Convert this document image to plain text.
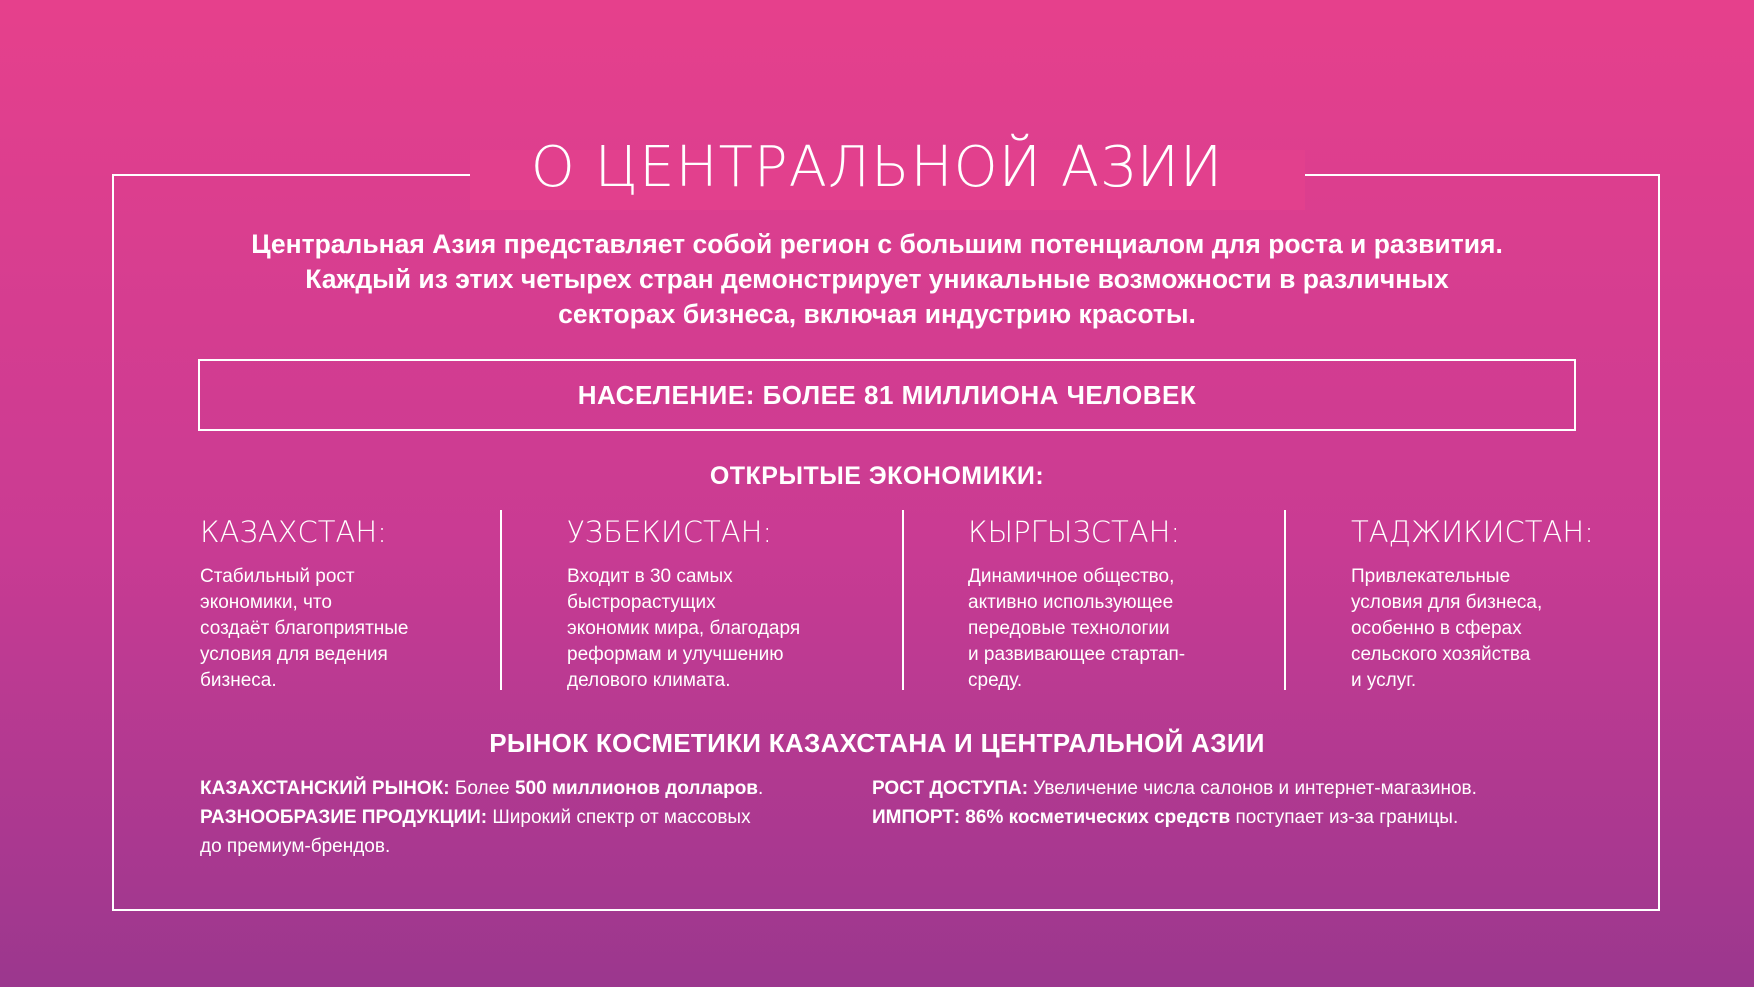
О ЦЕНТРАЛЬНОЙ АЗИИ
Центральная Азия представляет собой регион с большим потенциалом для роста и развития.
Каждый из этих четырех стран демонстрирует уникальные возможности в различных
секторах бизнеса, включая индустрию красоты.
НАСЕЛЕНИЕ: БОЛЕЕ 81 МИЛЛИОНА ЧЕЛОВЕК
ОТКРЫТЫЕ ЭКОНОМИКИ:
КАЗАХСТАН:
Стабильный рост
экономики, что
создаёт благоприятные
условия для ведения
бизнеса.
УЗБЕКИСТАН:
Входит в 30 самых
быстрорастущих
экономик мира, благодаря
реформам и улучшению
делового климата.
КЫРГЫЗСТАН:
Динамичное общество,
активно использующее
передовые технологии
и развивающее стартап-
среду.
ТАДЖИКИСТАН:
Привлекательные
условия для бизнеса,
особенно в сферах
сельского хозяйства
и услуг.
РЫНОК КОСМЕТИКИ КАЗАХСТАНА И ЦЕНТРАЛЬНОЙ АЗИИ
КАЗАХСТАНСКИЙ РЫНОК: Более 500 миллионов долларов.
РАЗНООБРАЗИЕ ПРОДУКЦИИ: Широкий спектр от массовых
до премиум-брендов.
РОСТ ДОСТУПА: Увеличение числа салонов и интернет-магазинов.
ИМПОРТ: 86% косметических средств поступает из-за границы.
